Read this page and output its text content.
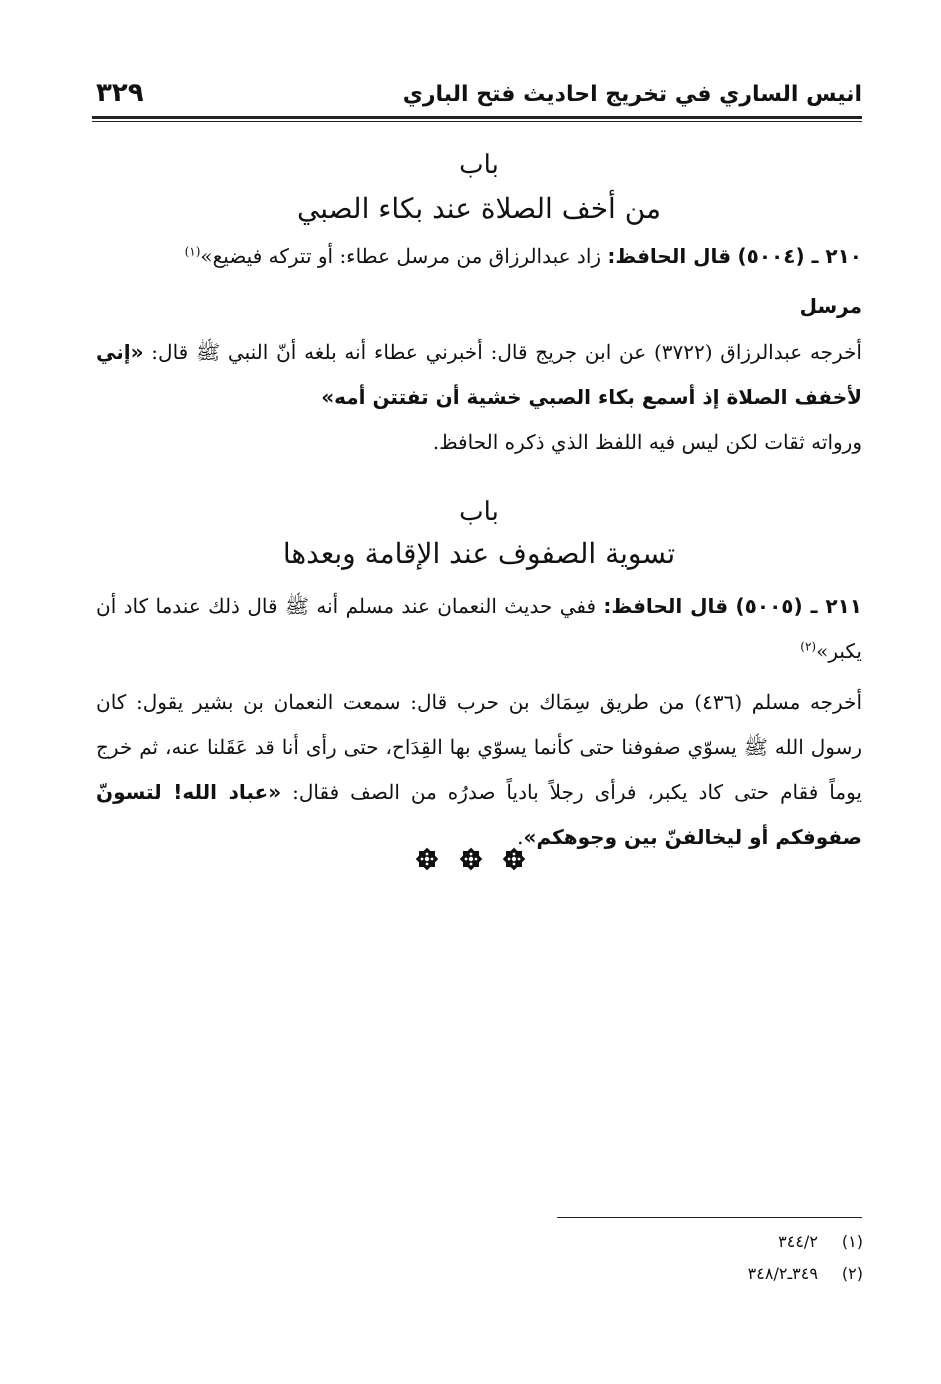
انيس الساري في تخريج احاديث فتح الباري
٣٢٩
باب
من أخف الصلاة عند بكاء الصبي
٢١٠ ـ (٥٠٠٤) قال الحافظ: زاد عبدالرزاق من مرسل عطاء: أو تتركه فيضيع»$^{(١)}$
مرسل
أخرجه عبدالرزاق (٣٧٢٢) عن ابن جريج قال: أخبرني عطاء أنه بلغه أنّ النبي ﷺ قال: «إني لأخفف الصلاة إذ أسمع بكاء الصبي خشية أن تفتتن أمه»
ورواته ثقات لكن ليس فيه اللفظ الذي ذكره الحافظ.
باب
تسوية الصفوف عند الإقامة وبعدها
٢١١ ـ (٥٠٠٥) قال الحافظ: ففي حديث النعمان عند مسلم أنه ﷺ قال ذلك عندما كاد أن يكبر»$^{(٢)}$
أخرجه مسلم (٤٣٦) من طريق سِمَاك بن حرب قال: سمعت النعمان بن بشير يقول: كان رسول الله ﷺ يسوّي صفوفنا حتى كأنما يسوّي بها القِدَاح، حتى رأى أنا قد عَقَلنا عنه، ثم خرج يوماً فقام حتى كاد يكبر، فرأى رجلاً بادياً صدرُه من الصف فقال: «عباد الله! لتسونّ صفوفكم أو ليخالفنّ بين وجوهكم».

(١) ٣٤٤/٢
(٢) ٣٤٩ـ٣٤٨/٢
